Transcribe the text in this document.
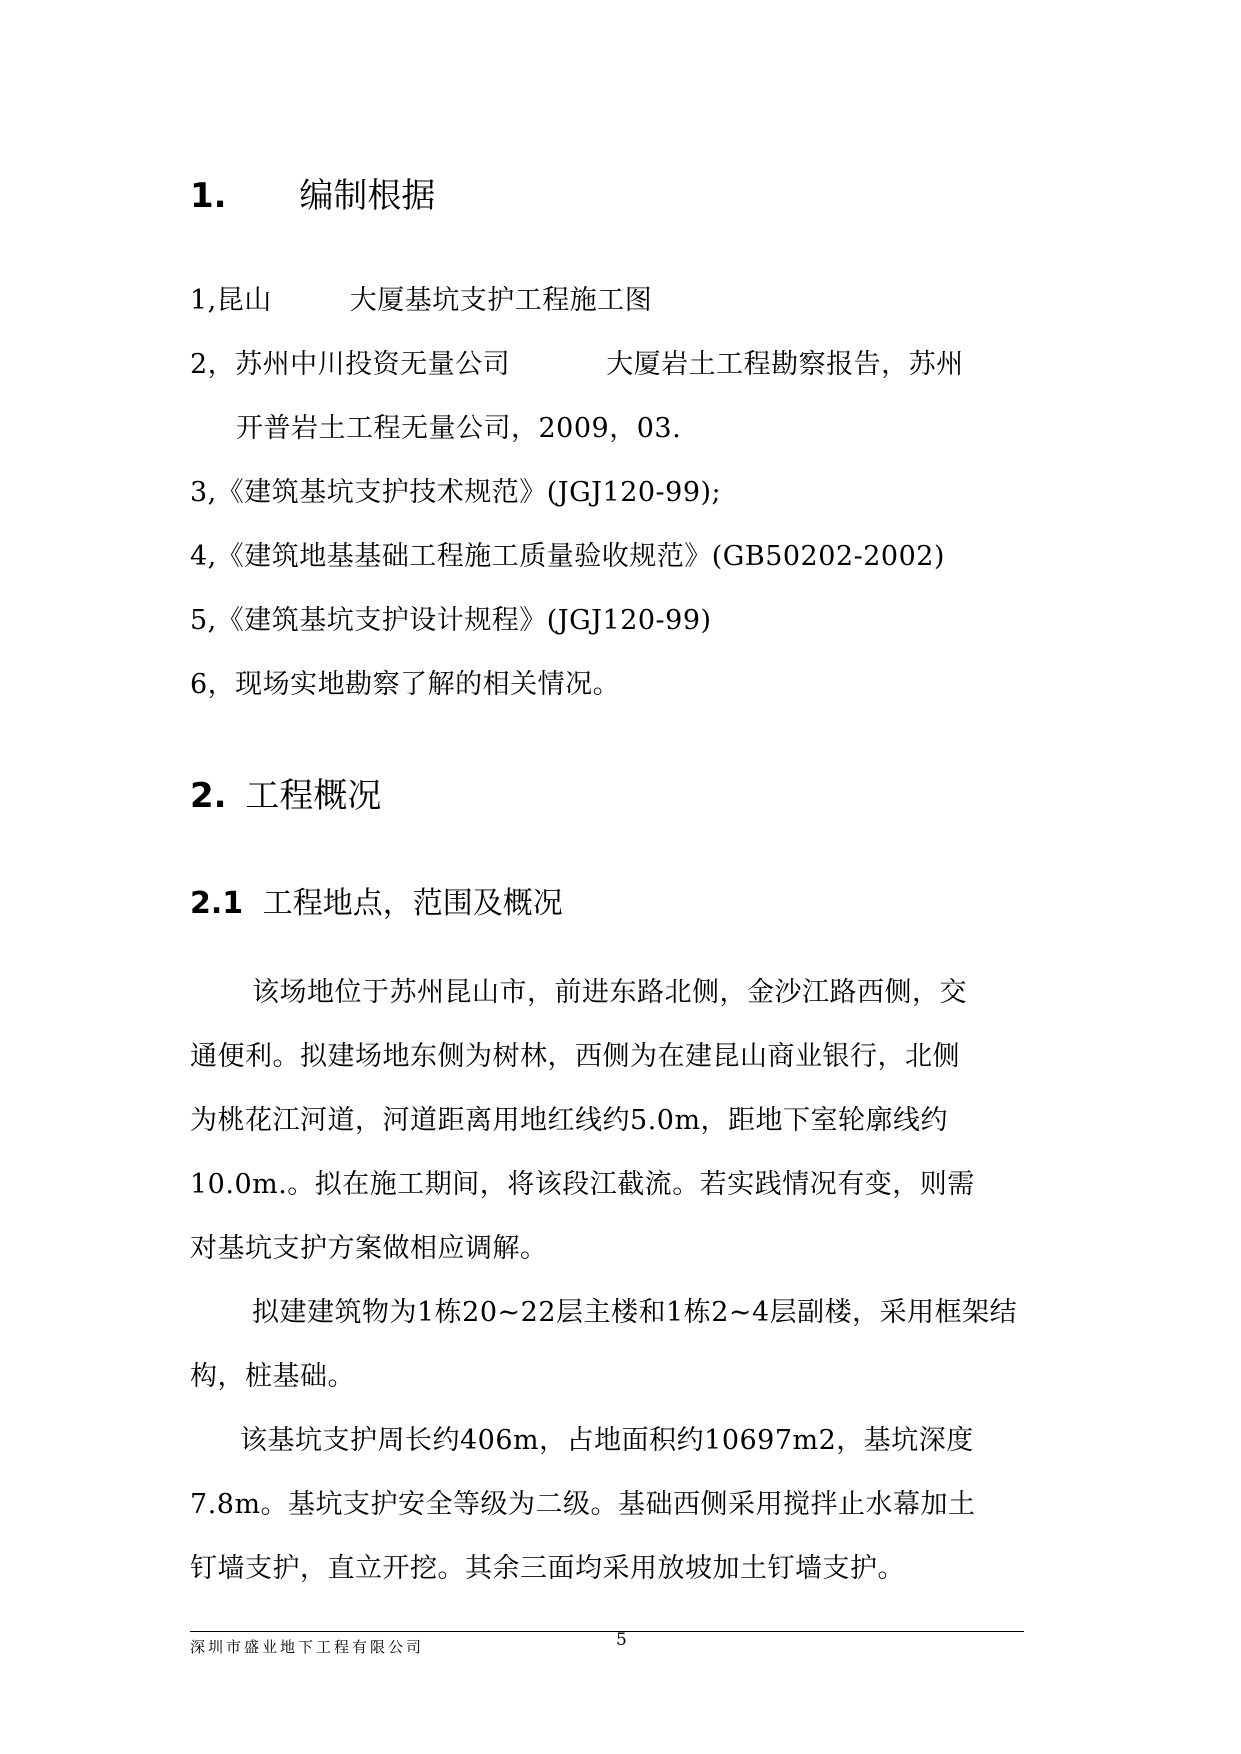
1. 编制根据
1,昆山	大厦基坑支护工程施工图
2，苏州中川投资无量公司	大厦岩土工程勘察报告，苏州
开普岩土工程无量公司，2009，03.
3,《建筑基坑支护技术规范》(JGJ120-99);
4,《建筑地基基础工程施工质量验收规范》(GB50202-2002)
5,《建筑基坑支护设计规程》(JGJ120-99)
6，现场实地勘察了解的相关情况。
2. 工程概况
2.1 工程地点，范围及概况
该场地位于苏州昆山市，前进东路北侧，金沙江路西侧，交
通便利。拟建场地东侧为树林，西侧为在建昆山商业银行，北侧
为桃花江河道，河道距离用地红线约5.0m，距地下室轮廓线约
10.0m.。拟在施工期间，将该段江截流。若实践情况有变，则需
对基坑支护方案做相应调解。
拟建建筑物为1栋20~22层主楼和1栋2~4层副楼，采用框架结
构，桩基础。
该基坑支护周长约406m，占地面积约10697m2，基坑深度
7.8m。基坑支护安全等级为二级。基础西侧采用搅拌止水幕加土
钉墙支护，直立开挖。其余三面均采用放坡加土钉墙支护。
深圳市盛业地下工程有限公司	5
